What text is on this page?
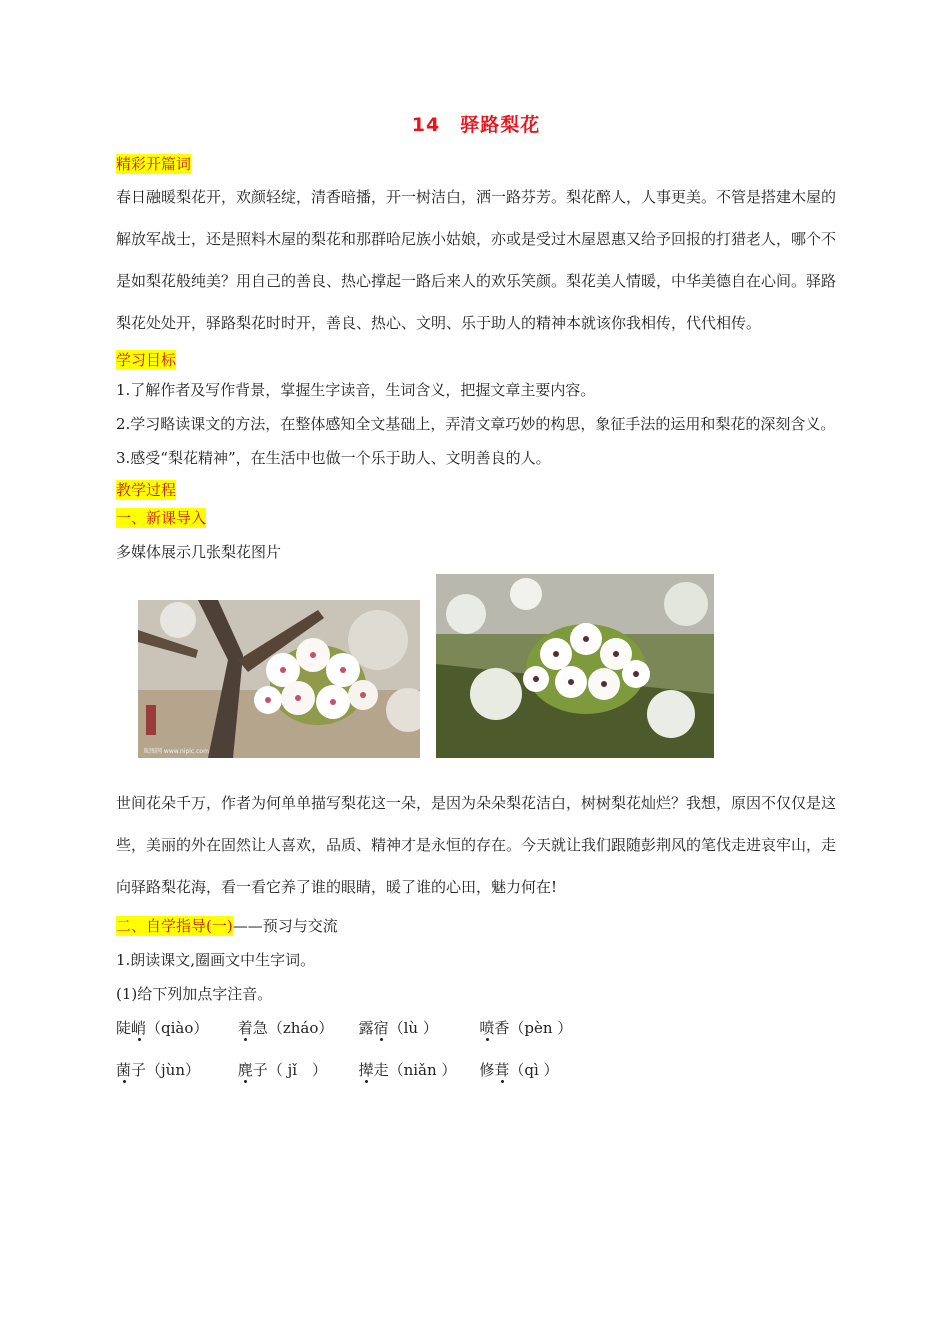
14　驿路梨花
精彩开篇词

春日融暖梨花开，欢颜轻绽，清香暗播，开一树洁白，洒一路芬芳。梨花醉人，人事更美。不管是搭建木屋的解放军战士，还是照料木屋的梨花和那群哈尼族小姑娘，亦或是受过木屋恩惠又给予回报的打猎老人，哪个不是如梨花般纯美？用自己的善良、热心撑起一路后来人的欢乐笑颜。梨花美人情暖，中华美德自在心间。驿路梨花处处开，驿路梨花时时开，善良、热心、文明、乐于助人的精神本就该你我相传，代代相传。

学习目标

1.了解作者及写作背景，掌握生字读音，生词含义，把握文章主要内容。

2.学习略读课文的方法，在整体感知全文基础上，弄清文章巧妙的构思，象征手法的运用和梨花的深刻含义。

3.感受“梨花精神”，在生活中也做一个乐于助人、文明善良的人。

教学过程
一、新课导入

多媒体展示几张梨花图片

昵图网 www.nipic.com

世间花朵千万，作者为何单单描写梨花这一朵，是因为朵朵梨花洁白，树树梨花灿烂？我想，原因不仅仅是这些，美丽的外在固然让人喜欢，品质、精神才是永恒的存在。今天就让我们跟随彭荆风的笔伐走进哀牢山，走向驿路梨花海，看一看它养了谁的眼睛，暖了谁的心田，魅力何在!

二、自学指导(一)——预习与交流

1.朗读课文,圈画文中生字词。

(1)给下列加点字注音。

陡峭（qiào） 着急（zháo） 露宿（lù ）	喷香（pèn ）
菌子（jùn）	麂子（ jǐ　） 撵走（niǎn ） 修葺（qì ）
